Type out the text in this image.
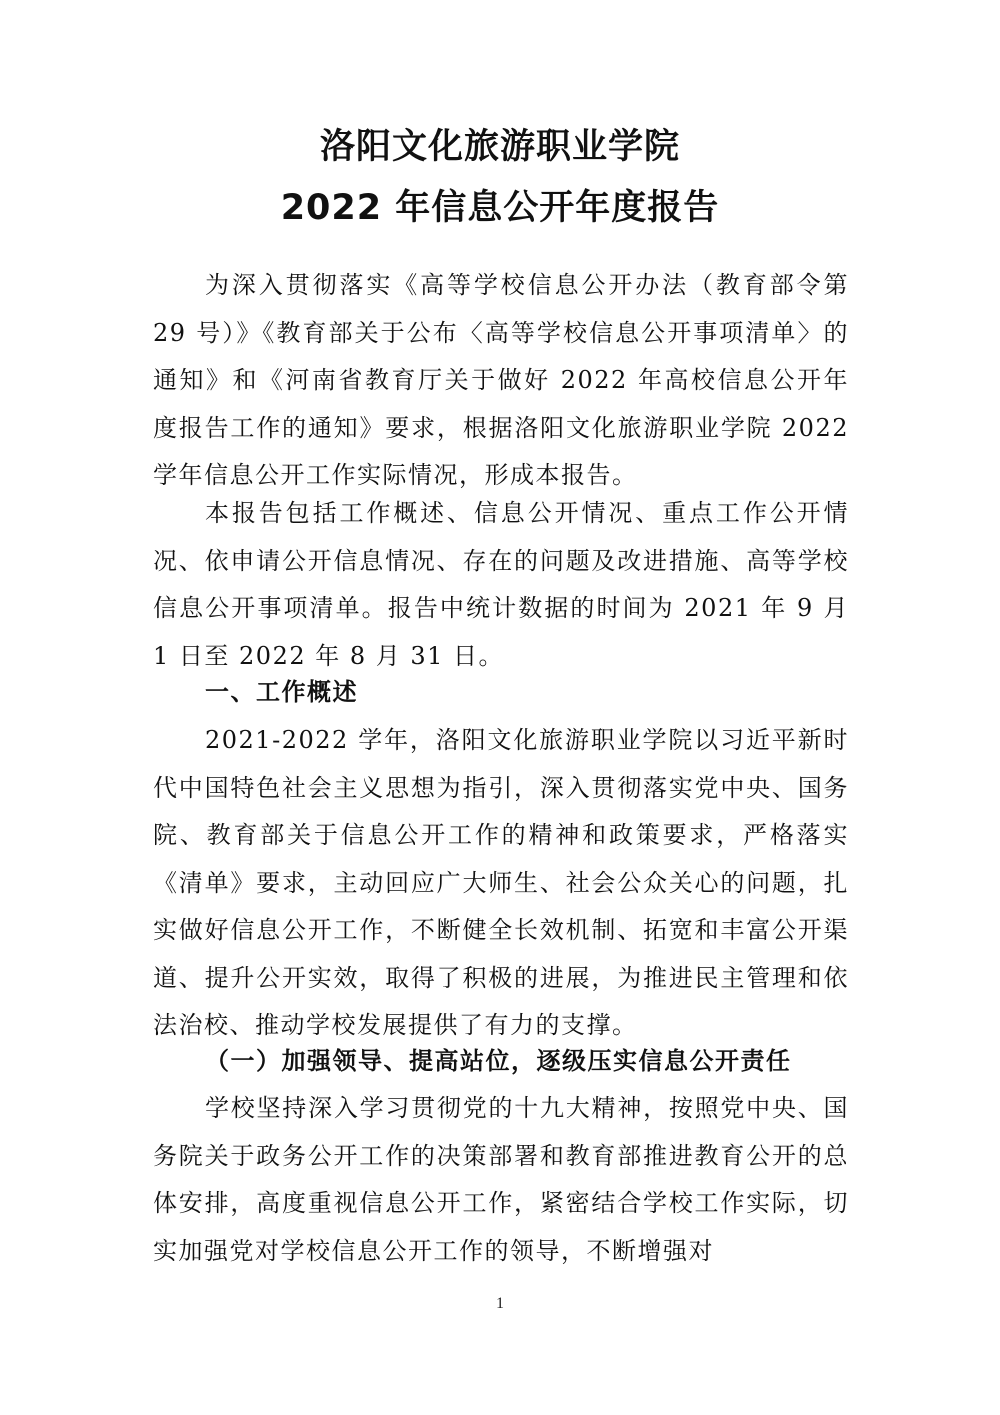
洛阳文化旅游职业学院
2022 年信息公开年度报告

为深入贯彻落实《高等学校信息公开办法（教育部令第 29 号）》《教育部关于公布〈高等学校信息公开事项清单〉的通知》和《河南省教育厅关于做好 2022 年高校信息公开年度报告工作的通知》要求，根据洛阳文化旅游职业学院 2022 学年信息公开工作实际情况，形成本报告。

本报告包括工作概述、信息公开情况、重点工作公开情况、依申请公开信息情况、存在的问题及改进措施、高等学校信息公开事项清单。报告中统计数据的时间为 2021 年 9 月 1 日至 2022 年 8 月 31 日。

一、工作概述

2021-2022 学年，洛阳文化旅游职业学院以习近平新时代中国特色社会主义思想为指引，深入贯彻落实党中央、国务院、教育部关于信息公开工作的精神和政策要求，严格落实《清单》要求，主动回应广大师生、社会公众关心的问题，扎实做好信息公开工作，不断健全长效机制、拓宽和丰富公开渠道、提升公开实效，取得了积极的进展，为推进民主管理和依法治校、推动学校发展提供了有力的支撑。

（一）加强领导、提高站位，逐级压实信息公开责任

学校坚持深入学习贯彻党的十九大精神，按照党中央、国务院关于政务公开工作的决策部署和教育部推进教育公开的总体安排，高度重视信息公开工作，紧密结合学校工作实际，切实加强党对学校信息公开工作的领导，不断增强对

1
